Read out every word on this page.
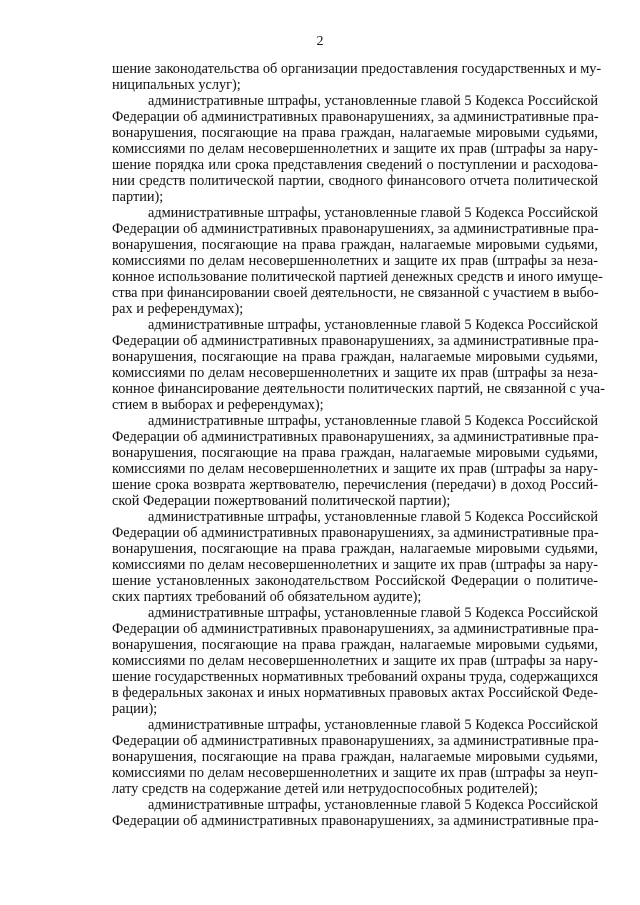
2

шение законодательства об организации предоставления государственных и му-
ниципальных услуг);

административные штрафы, установленные главой 5 Кодекса Российской
Федерации об административных правонарушениях, за административные пра-
вонарушения, посягающие на права граждан, налагаемые мировыми судьями,
комиссиями по делам несовершеннолетних и защите их прав (штрафы за нару-
шение порядка или срока представления сведений о поступлении и расходова-
нии средств политической партии, сводного финансового отчета политической
партии);

административные штрафы, установленные главой 5 Кодекса Российской
Федерации об административных правонарушениях, за административные пра-
вонарушения, посягающие на права граждан, налагаемые мировыми судьями,
комиссиями по делам несовершеннолетних и защите их прав (штрафы за неза-
конное использование политической партией денежных средств и иного имуще-
ства при финансировании своей деятельности, не связанной с участием в выбо-
рах и референдумах);

административные штрафы, установленные главой 5 Кодекса Российской
Федерации об административных правонарушениях, за административные пра-
вонарушения, посягающие на права граждан, налагаемые мировыми судьями,
комиссиями по делам несовершеннолетних и защите их прав (штрафы за неза-
конное финансирование деятельности политических партий, не связанной с уча-
стием в выборах и референдумах);

административные штрафы, установленные главой 5 Кодекса Российской
Федерации об административных правонарушениях, за административные пра-
вонарушения, посягающие на права граждан, налагаемые мировыми судьями,
комиссиями по делам несовершеннолетних и защите их прав (штрафы за нару-
шение срока возврата жертвователю, перечисления (передачи) в доход Россий-
ской Федерации пожертвований политической партии);

административные штрафы, установленные главой 5 Кодекса Российской
Федерации об административных правонарушениях, за административные пра-
вонарушения, посягающие на права граждан, налагаемые мировыми судьями,
комиссиями по делам несовершеннолетних и защите их прав (штрафы за нару-
шение установленных законодательством Российской Федерации о политиче-
ских партиях требований об обязательном аудите);

административные штрафы, установленные главой 5 Кодекса Российской
Федерации об административных правонарушениях, за административные пра-
вонарушения, посягающие на права граждан, налагаемые мировыми судьями,
комиссиями по делам несовершеннолетних и защите их прав (штрафы за нару-
шение государственных нормативных требований охраны труда, содержащихся
в федеральных законах и иных нормативных правовых актах Российской Феде-
рации);

административные штрафы, установленные главой 5 Кодекса Российской
Федерации об административных правонарушениях, за административные пра-
вонарушения, посягающие на права граждан, налагаемые мировыми судьями,
комиссиями по делам несовершеннолетних и защите их прав (штрафы за неуп-
лату средств на содержание детей или нетрудоспособных родителей);

административные штрафы, установленные главой 5 Кодекса Российской
Федерации об административных правонарушениях, за административные пра-
